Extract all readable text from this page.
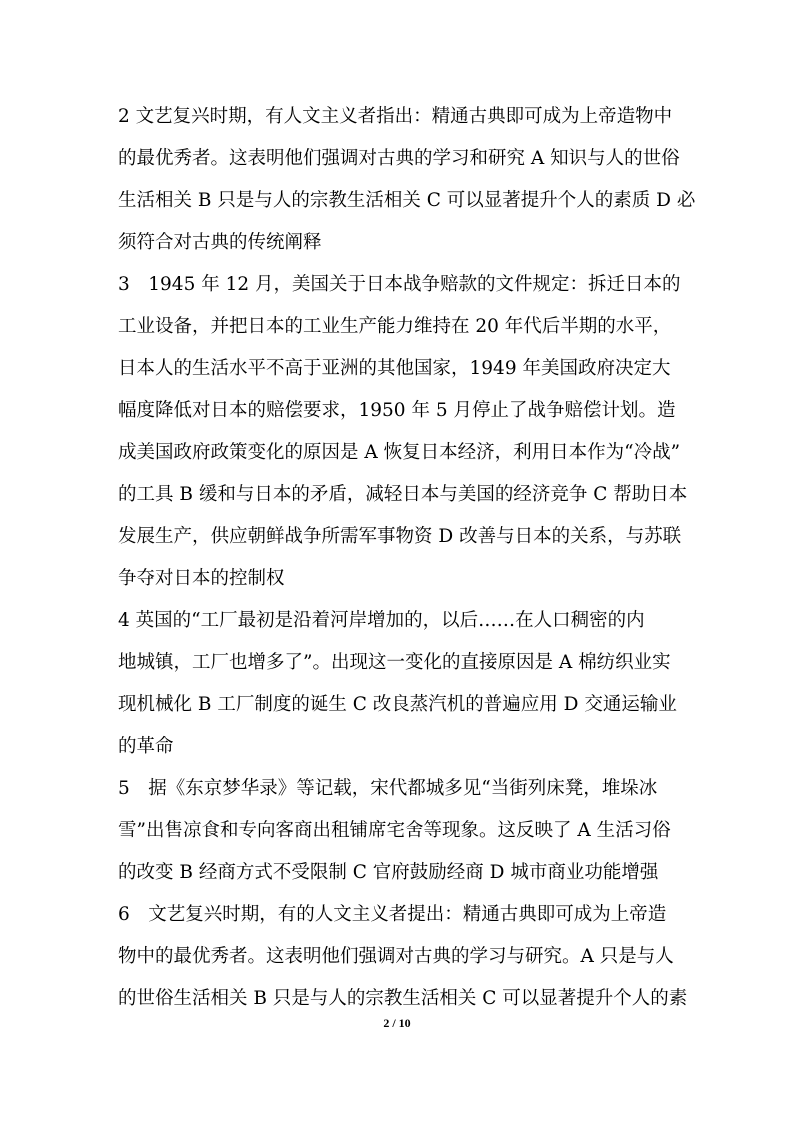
2 文艺复兴时期，有人文主义者指出：精通古典即可成为上帝造物中
的最优秀者。这表明他们强调对古典的学习和研究 A 知识与人的世俗
生活相关 B 只是与人的宗教生活相关 C 可以显著提升个人的素质 D 必
须符合对古典的传统阐释
3　1945 年 12 月，美国关于日本战争赔款的文件规定：拆迁日本的
工业设备，并把日本的工业生产能力维持在 20 年代后半期的水平，
日本人的生活水平不高于亚洲的其他国家，1949 年美国政府决定大
幅度降低对日本的赔偿要求，1950 年 5 月停止了战争赔偿计划。造
成美国政府政策变化的原因是 A 恢复日本经济，利用日本作为“冷战”
的工具 B 缓和与日本的矛盾，减轻日本与美国的经济竞争 C 帮助日本
发展生产，供应朝鲜战争所需军事物资 D 改善与日本的关系，与苏联
争夺对日本的控制权
4 英国的“工厂最初是沿着河岸增加的，以后……在人口稠密的内
地城镇，工厂也增多了”。出现这一变化的直接原因是 A 棉纺织业实
现机械化 B 工厂制度的诞生 C 改良蒸汽机的普遍应用 D 交通运输业
的革命
5　据《东京梦华录》等记载，宋代都城多见“当街列床凳，堆垛冰
雪”出售凉食和专向客商出租铺席宅舍等现象。这反映了 A 生活习俗
的改变 B 经商方式不受限制 C 官府鼓励经商 D 城市商业功能增强
6　文艺复兴时期，有的人文主义者提出：精通古典即可成为上帝造
物中的最优秀者。这表明他们强调对古典的学习与研究。A 只是与人
的世俗生活相关 B 只是与人的宗教生活相关 C 可以显著提升个人的素
2 / 10
